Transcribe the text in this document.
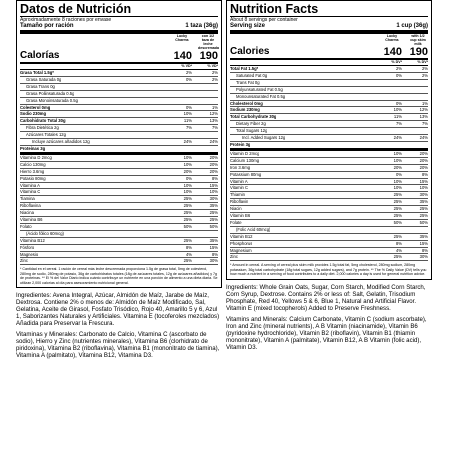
Datos de Nutrición
Aproximadamente 8 raciones por envase
Tamaño por ración	1 taza (36g)
Lucky Charms
con 1/2 taza de leche descremada
Calorías	140 190
% VD*	% VD*
Grasa Total 1.5g*	2%	2%
Grasa Saturada 0g	0%	2%
Grasa Trans 0g
Grasa Poliinsaturada 0.5g
Grasa Monoinsaturada 0.5g
Colesterol 0mg	0%	1%
Sodio 230mg	10%	12%
Carbohidrato Total 30g	11%	13%
Fibra Dietética 2g	7%	7%
Azúcares Totales 12g
Incluye azúcares añadidos 12g	24%	24%
Proteínas 3g
Vitamina D 2mcg	10%	20%
Calcio 130mg	10%	20%
Hierro 3.6mg	20%	20%
Potasio 80mg	0%	8%
Vitamina A	10%	15%
Vitamina C	10%	10%
Tiamina	25%	30%
Riboflavina	25%	35%
Niacina	25%	25%
Vitamina B6	25%	25%
Folato	50%	50%
(Ácido fólico 60mcg)
Vitamina B12	25%	35%
Fósforo	8%	15%
Magnesio	4%	8%
Zinc	25%	30%
* Cantidad en el cereal. 1 ración de cereal más leche descremada proporciona 1.5g de grasa total, 5mg de colesterol, 280mg de sodio, 280mg de potasio, 36g de carbohidratos totales (18g de azúcares totales, 12g de azúcares añadidos) y 7g de proteínas. ** El % del Valor Diario indica cuánto contribuye un nutriente en una porción de alimento a una dieta diaria. Se utilizan 2,000 calorías al día para asesoramiento nutricional general.
Ingredientes: Avena Integral, Azúcar, Almidón de Maíz, Jarabe de Maíz, Dextrosa. Contiene 2% o menos de: Almidón de Maíz Modificado, Sal, Gelatina, Aceite de Girasol, Fosfato Trisódico, Rojo 40, Amarillo 5 y 6, Azul 1, Saborizantes Naturales y Artificiales. Vitamina E (tocoferoles mezclados) Añadida para Preservar la Frescura.
Vitaminas y Minerales: Carbonato de Calcio, Vitamina C (ascorbato de sodio), Hierro y Zinc (nutrientes minerales), Vitamina B6 (clorhidrato de piridoxina), Vitamina B2 (riboflavina), Vitamina B1 (mononitrato de tiamina), Vitamina A (palmitato), Vitamina B12, Vitamina D3.
Nutrition Facts
About 8 servings per container
Serving size	1 cup (36g)
Lucky Charms
with 1/2 cup skim milk
Calories	140 190
% DV*	% DV*
Total Fat 1.5g*	2%	2%
Saturated Fat 0g	0%	2%
Trans Fat 0g
Polyunsaturated Fat 0.5g
Monounsaturated Fat 0.5g
Cholesterol 0mg	0%	1%
Sodium 230mg	10%	12%
Total Carbohydrate 30g	11%	13%
Dietary Fiber 2g	7%	7%
Total Sugars 12g
Incl. Added Sugars 12g	24%	24%
Protein 3g
Vitamin D 2mcg	10%	20%
Calcium 130mg	10%	20%
Iron 3.6mg	20%	20%
Potassium 80mg	0%	8%
Vitamin A	10%	15%
Vitamin C	10%	10%
Thiamin	25%	30%
Riboflavin	25%	35%
Niacin	25%	25%
Vitamin B6	25%	25%
Folate	50%	50%
(Folic Acid 60mcg)
Vitamin B12	25%	35%
Phosphorus	8%	15%
Magnesium	4%	8%
Zinc	25%	30%
* Amount in cereal. A serving of cereal plus skim milk provides 1.5g total fat, 5mg cholesterol, 280mg sodium, 280mg potassium, 36g total carbohydrate (18g total sugars, 12g added sugars), and 7g protein. ** The % Daily Value (DV) tells you how much a nutrient in a serving of food contributes to a daily diet. 2,000 calories a day is used for general nutrition advice.
Ingredients: Whole Grain Oats, Sugar, Corn Starch, Modified Corn Starch, Corn Syrup, Dextrose. Contains 2% or less of: Salt, Gelatin, Trisodium Phosphate, Red 40, Yellows 5 & 6, Blue 1, Natural and Artificial Flavor. Vitamin E (mixed tocopherols) Added to Preserve Freshness.
Vitamins and Minerals: Calcium Carbonate, Vitamin C (sodium ascorbate), Iron and Zinc (mineral nutrients), A B Vitamin (niacinamide), Vitamin B6 (pyridoxine hydrochloride), Vitamin B2 (riboflavin), Vitamin B1 (thiamin mononitrate), Vitamin A (palmitate), Vitamin B12, A B Vitamin (folic acid), Vitamin D3.
